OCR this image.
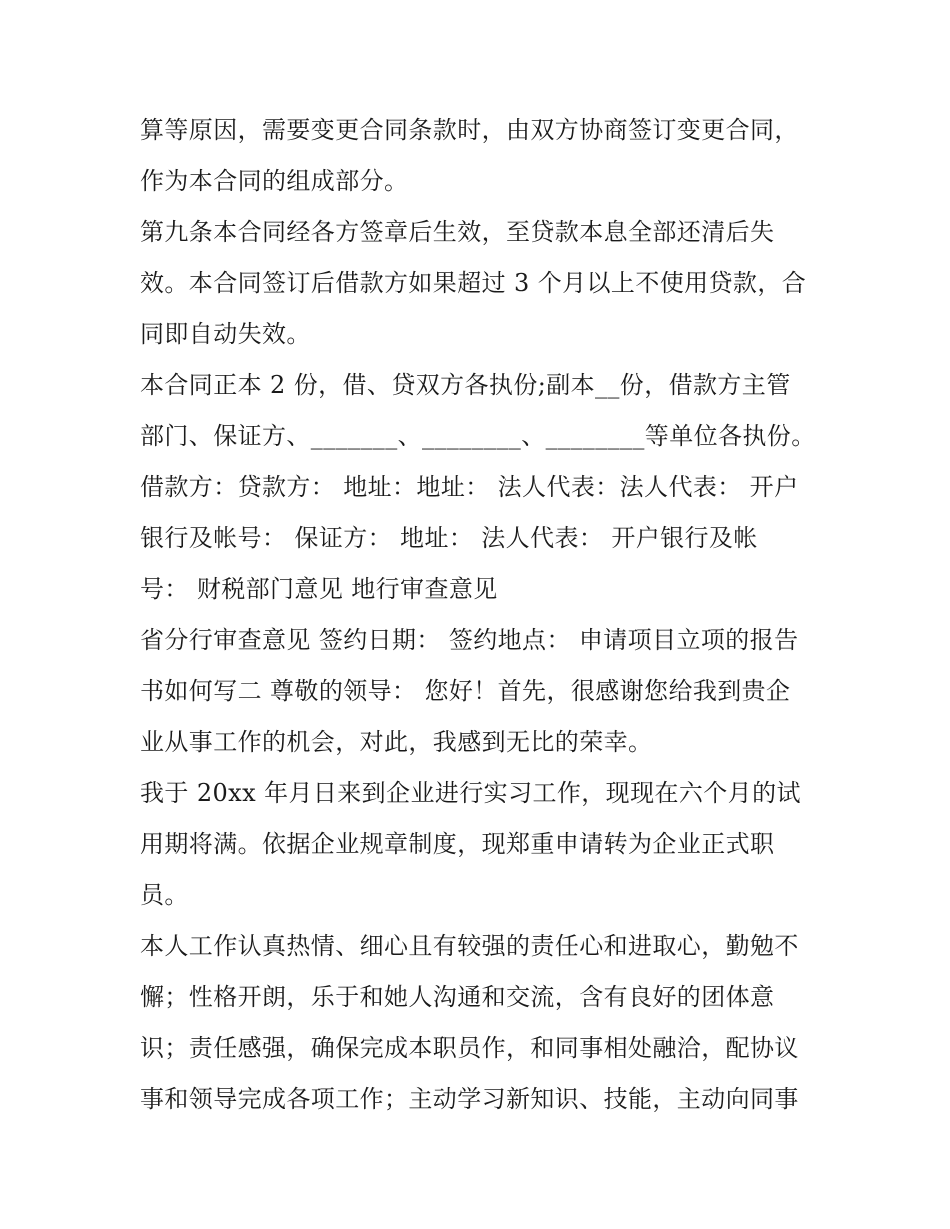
算等原因，需要变更合同条款时，由双方协商签订变更合同，
作为本合同的组成部分。
第九条本合同经各方签章后生效，至贷款本息全部还清后失
效。本合同签订后借款方如果超过 3 个月以上不使用贷款，合
同即自动失效。
本合同正本 2 份，借、贷双方各执份;副本__份，借款方主管
部门、保证方、_______、________、________等单位各执份。
借款方：贷款方： 地址：地址： 法人代表：法人代表： 开户
银行及帐号： 保证方： 地址： 法人代表： 开户银行及帐
号： 财税部门意见 地行审查意见
省分行审查意见 签约日期： 签约地点： 申请项目立项的报告
书如何写二 尊敬的领导： 您好！首先，很感谢您给我到贵企
业从事工作的机会，对此，我感到无比的荣幸。
我于 20xx 年月日来到企业进行实习工作，现现在六个月的试
用期将满。依据企业规章制度，现郑重申请转为企业正式职
员。
本人工作认真热情、细心且有较强的责任心和进取心，勤勉不
懈；性格开朗，乐于和她人沟通和交流，含有良好的团体意
识；责任感强，确保完成本职员作，和同事相处融洽，配协议
事和领导完成各项工作；主动学习新知识、技能，主动向同事
